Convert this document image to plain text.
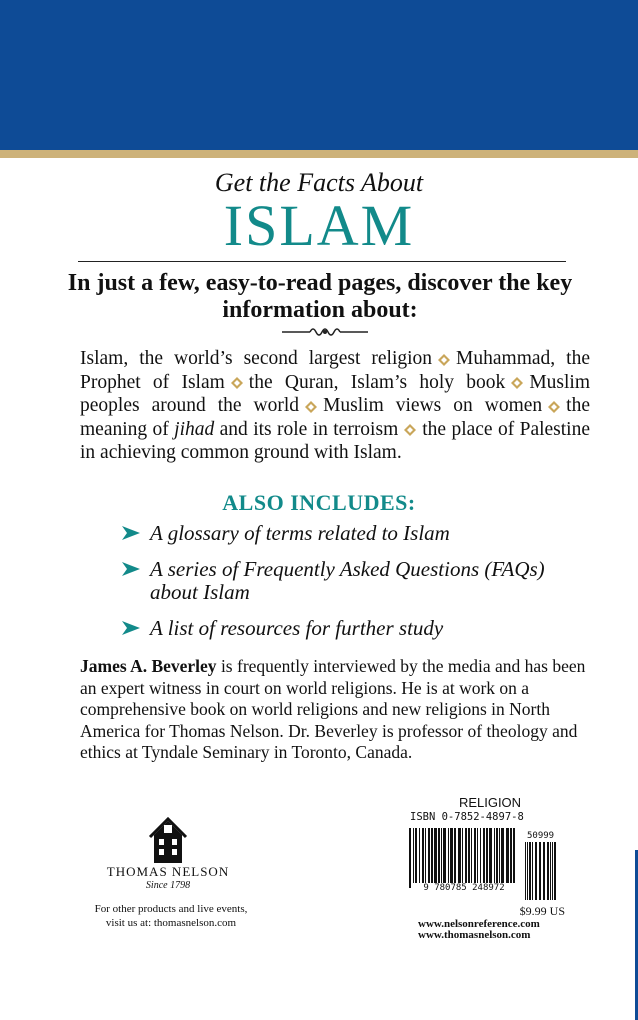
Get the Facts About
ISLAM
In just a few, easy-to-read pages, discover the key information about:
Islam, the world’s second largest religion Muhammad, the Prophet of Islam the Quran, Islam’s holy book Muslim peoples around the world Muslim views on women the meaning of jihad and its role in terroism the place of Palestine in achieving common ground with Islam.
ALSO INCLUDES:
A glossary of terms related to Islam
A series of Frequently Asked Questions (FAQs) about Islam
A list of resources for further study
James A. Beverley is frequently interviewed by the media and has been an expert witness in court on world religions. He is at work on a comprehensive book on world religions and new religions in North America for Thomas Nelson. Dr. Beverley is professor of theology and ethics at Tyndale Seminary in Toronto, Canada.
THOMAS NELSON
Since 1798
For other products and live events,
visit us at: thomasnelson.com
RELIGION
ISBN 0-7852-4897-8
50999
9 780785 248972
$9.99 US
www.nelsonreference.com
www.thomasnelson.com
